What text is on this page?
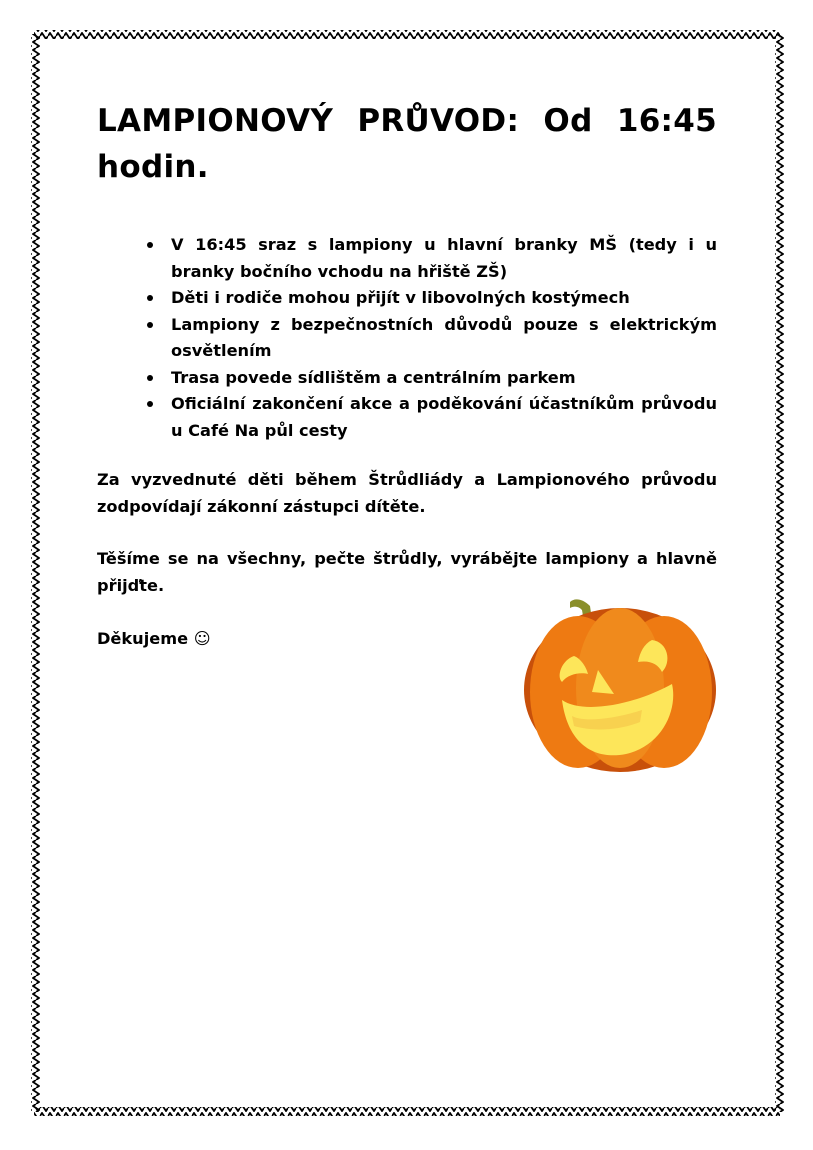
LAMPIONOVÝ PRŮVOD: Od 16:45 hodin.
V 16:45 sraz s lampiony u hlavní branky MŠ (tedy i u branky bočního vchodu na hřiště ZŠ)
Děti i rodiče mohou přijít v libovolných kostýmech
Lampiony z bezpečnostních důvodů pouze s elektrickým osvětlením
Trasa povede sídlištěm a centrálním parkem
Oficiální zakončení akce a poděkování účastníkům průvodu u Café Na půl cesty

Za vyzvednuté děti během Štrůdliády a Lampionového průvodu zodpovídají zákonní zástupci dítěte.

Těšíme se na všechny, pečte štrůdly, vyrábějte lampiony a hlavně přijďte.

Děkujeme ☺
